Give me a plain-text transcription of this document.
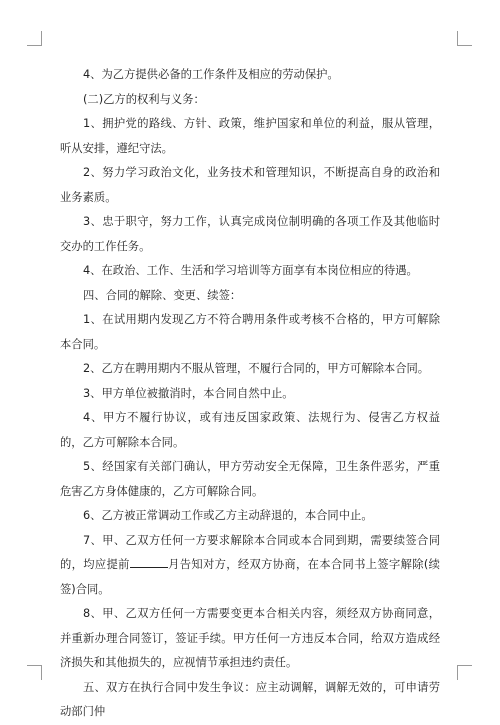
4、为乙方提供必备的工作条件及相应的劳动保护。

(二)乙方的权利与义务：

1、拥护党的路线、方针、政策，维护国家和单位的利益，服从管理，听从安排，遵纪守法。

2、努力学习政治文化，业务技术和管理知识，不断提高自身的政治和业务素质。

3、忠于职守，努力工作，认真完成岗位制明确的各项工作及其他临时交办的工作任务。

4、在政治、工作、生活和学习培训等方面享有本岗位相应的待遇。

四、合同的解除、变更、续签：

1、在试用期内发现乙方不符合聘用条件或考核不合格的，甲方可解除本合同。

2、乙方在聘用期内不服从管理，不履行合同的，甲方可解除本合同。

3、甲方单位被撤消时，本合同自然中止。

4、甲方不履行协议，或有违反国家政策、法规行为、侵害乙方权益的，乙方可解除本合同。

5、经国家有关部门确认，甲方劳动安全无保障，卫生条件恶劣，严重危害乙方身体健康的，乙方可解除合同。

6、乙方被正常调动工作或乙方主动辞退的，本合同中止。

7、甲、乙双方任何一方要求解除本合同或本合同到期，需要续签合同的，均应提前	月告知对方，经双方协商，在本合同书上签字解除(续签)合同。

8、甲、乙双方任何一方需要变更本合相关内容，须经双方协商同意，并重新办理合同签订，签证手续。甲方任何一方违反本合同，给双方造成经济损失和其他损失的，应视情节承担违约责任。

五、双方在执行合同中发生争议：应主动调解，调解无效的，可申请劳动部门仲
